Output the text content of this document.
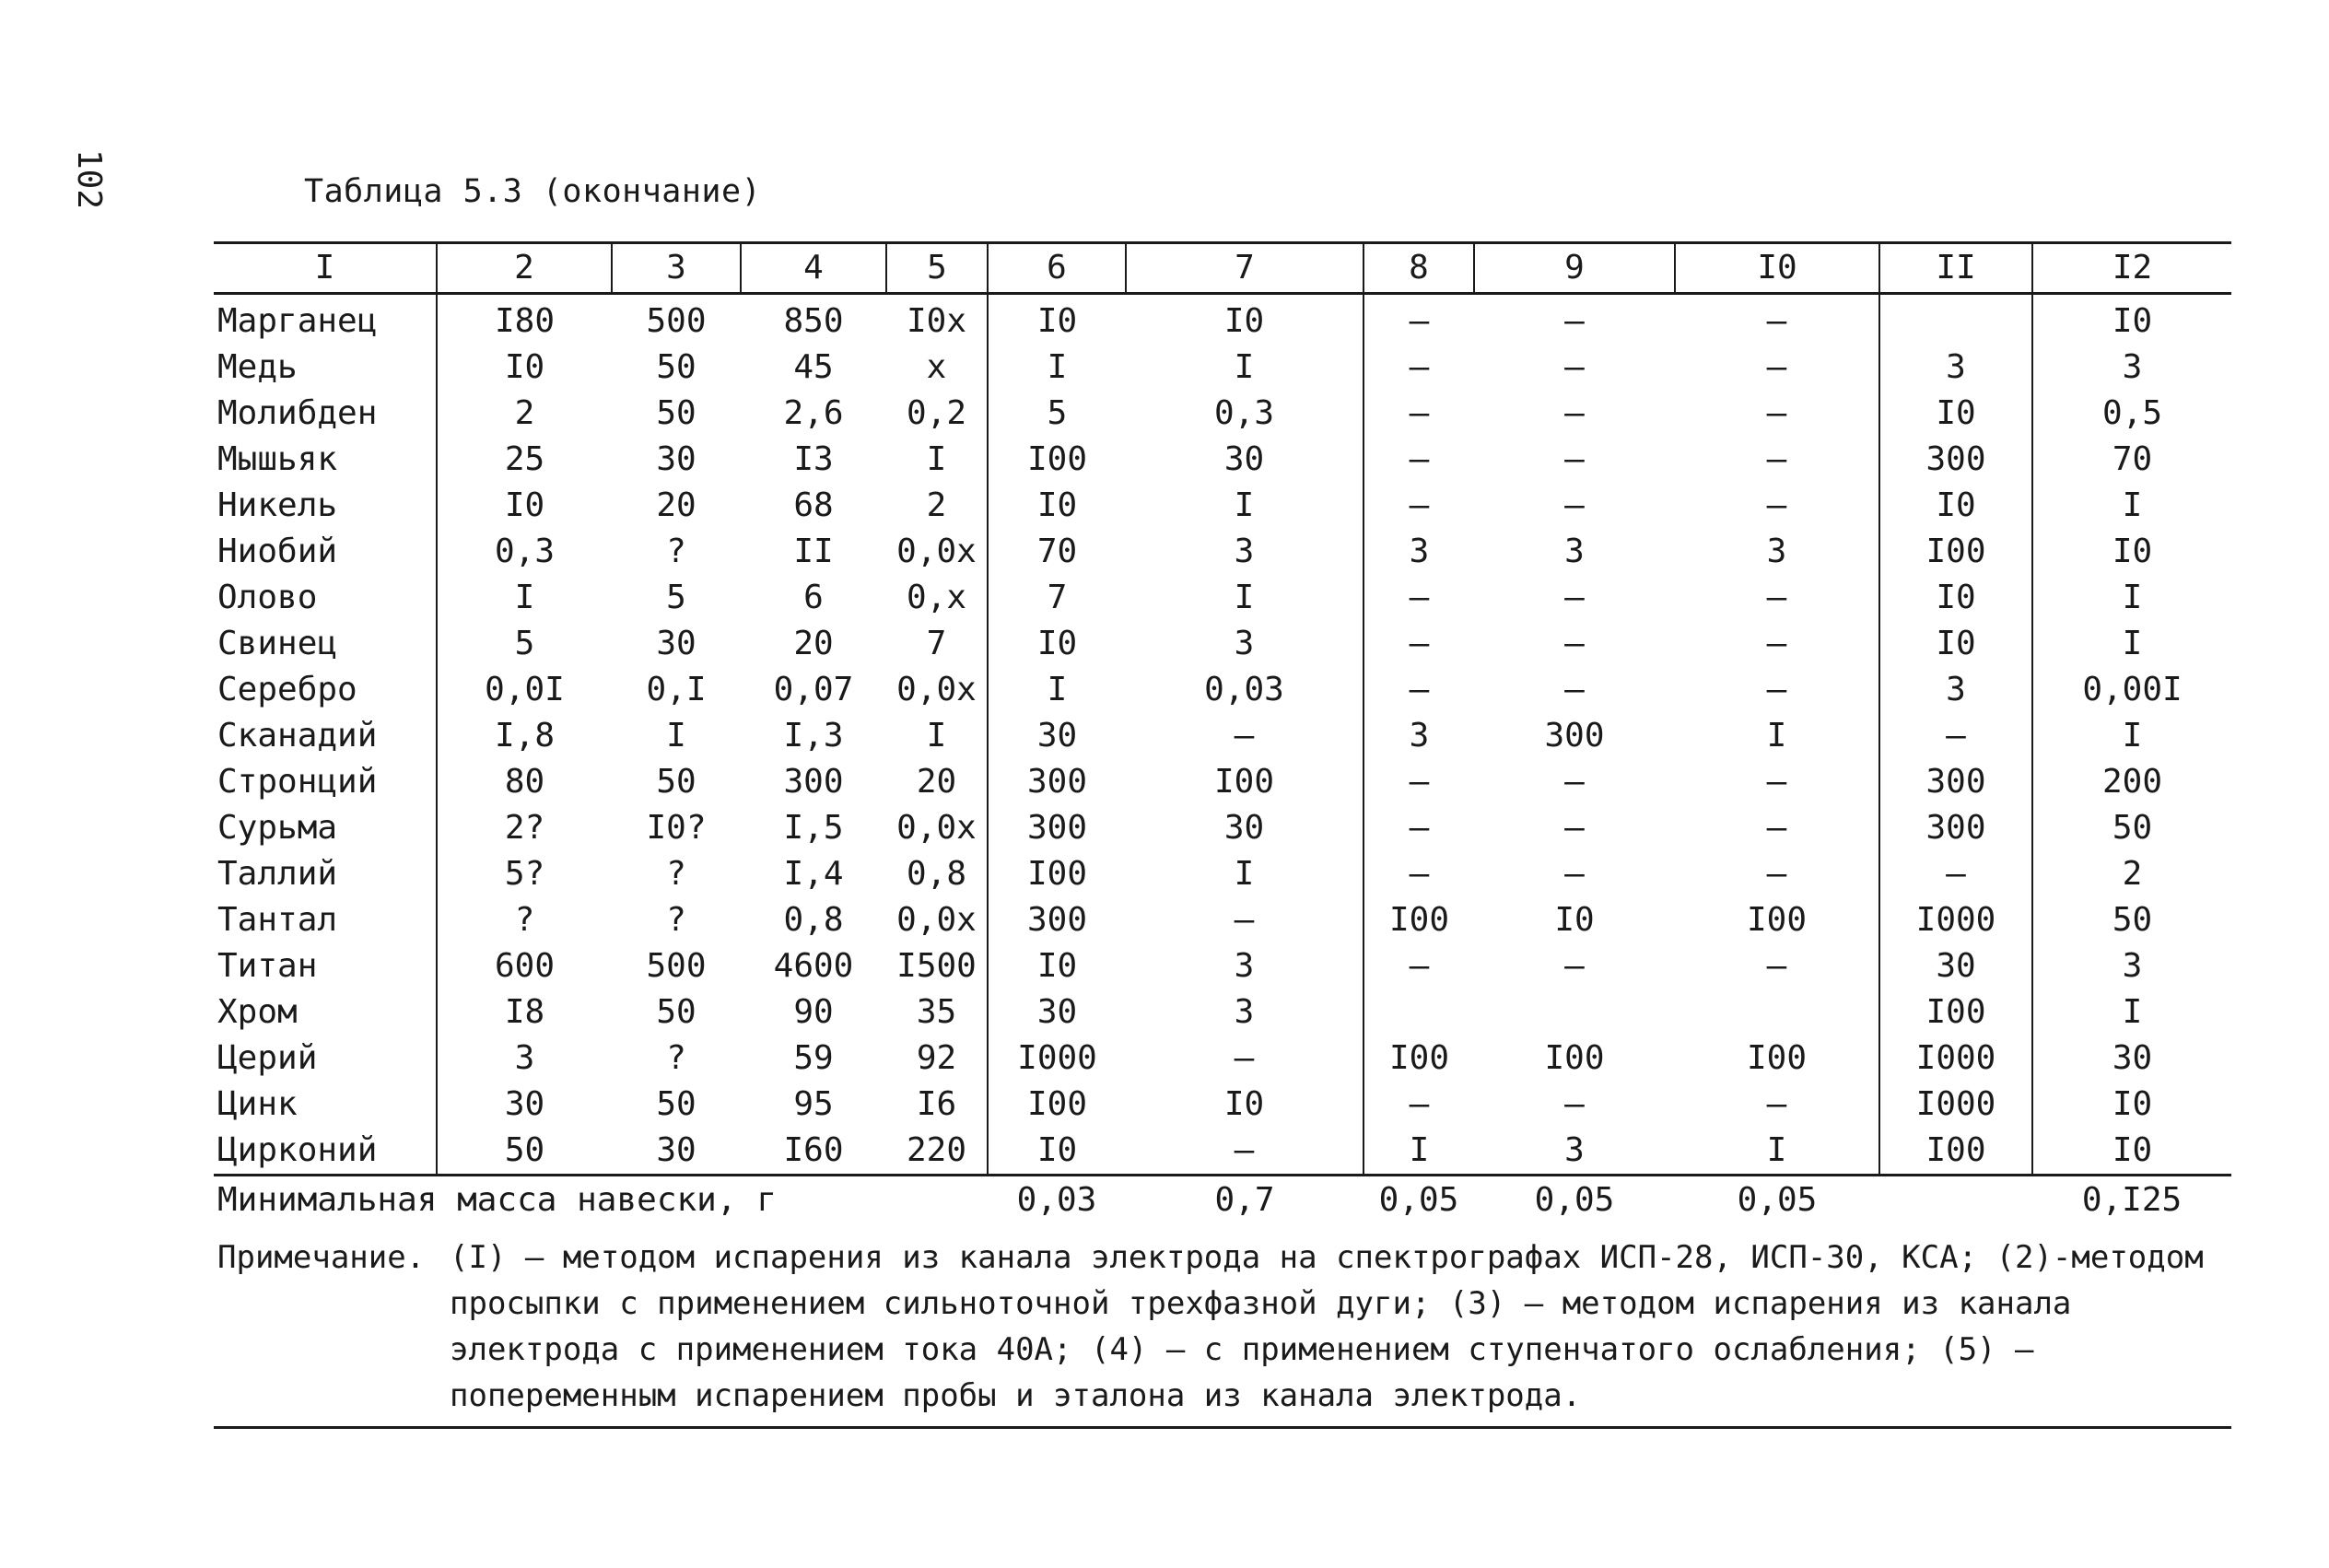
102	Таблица 5.3 (окончание)
I	2	3	4	5	6	7	8	9	I0	II	I2
Марганец	I80	500	850	I0x	I0	I0	–	–	–		I0
Медь	I0	50	45	x	I	I	–	–	–	3	3
Молибден	2	50	2,6	0,2	5	0,3	–	–	–	I0	0,5
Мышьяк	25	30	I3	I	I00	30	–	–	–	300	70
Никель	I0	20	68	2	I0	I	–	–	–	I0	I
Ниобий	0,3	?	II	0,0x	70	3	3	3	3	I00	I0
Олово	I	5	6	0,x	7	I	–	–	–	I0	I
Свинец	5	30	20	7	I0	3	–	–	–	I0	I
Серебро	0,0I	0,I	0,07	0,0x	I	0,03	–	–	–	3	0,00I
Сканадий	I,8	I	I,3	I	30	–	3	300	I	–	I
Стронций	80	50	300	20	300	I00	–	–	–	300	200
Сурьма	2?	I0?	I,5	0,0x	300	30	–	–	–	300	50
Таллий	5?	?	I,4	0,8	I00	I	–	–	–	–	2
Тантал	?	?	0,8	0,0x	300	–	I00	I0	I00	I000	50
Титан	600	500	4600	I500	I0	3	–	–	–	30	3
Хром	I8	50	90	35	30	3				I00	I
Церий	3	?	59	92	I000	–	I00	I00	I00	I000	30
Цинк	30	50	95	I6	I00	I0	–	–	–	I000	I0
Цирконий	50	30	I60	220	I0	–	I	3	I	I00	I0
Минимальная масса навески, г					0,03	0,7	0,05	0,05	0,05		0,I25
Примечание. (I) – методом испарения из канала электрода на спектрографах ИСП-28, ИСП-30, КСА; (2)-методом просыпки с применением сильноточной трехфазной дуги; (3) – методом испарения из канала электрода с применением тока 40А; (4) – с применением ступенчатого ослабления; (5) – попеременным испарением пробы и эталона из канала электрода.
